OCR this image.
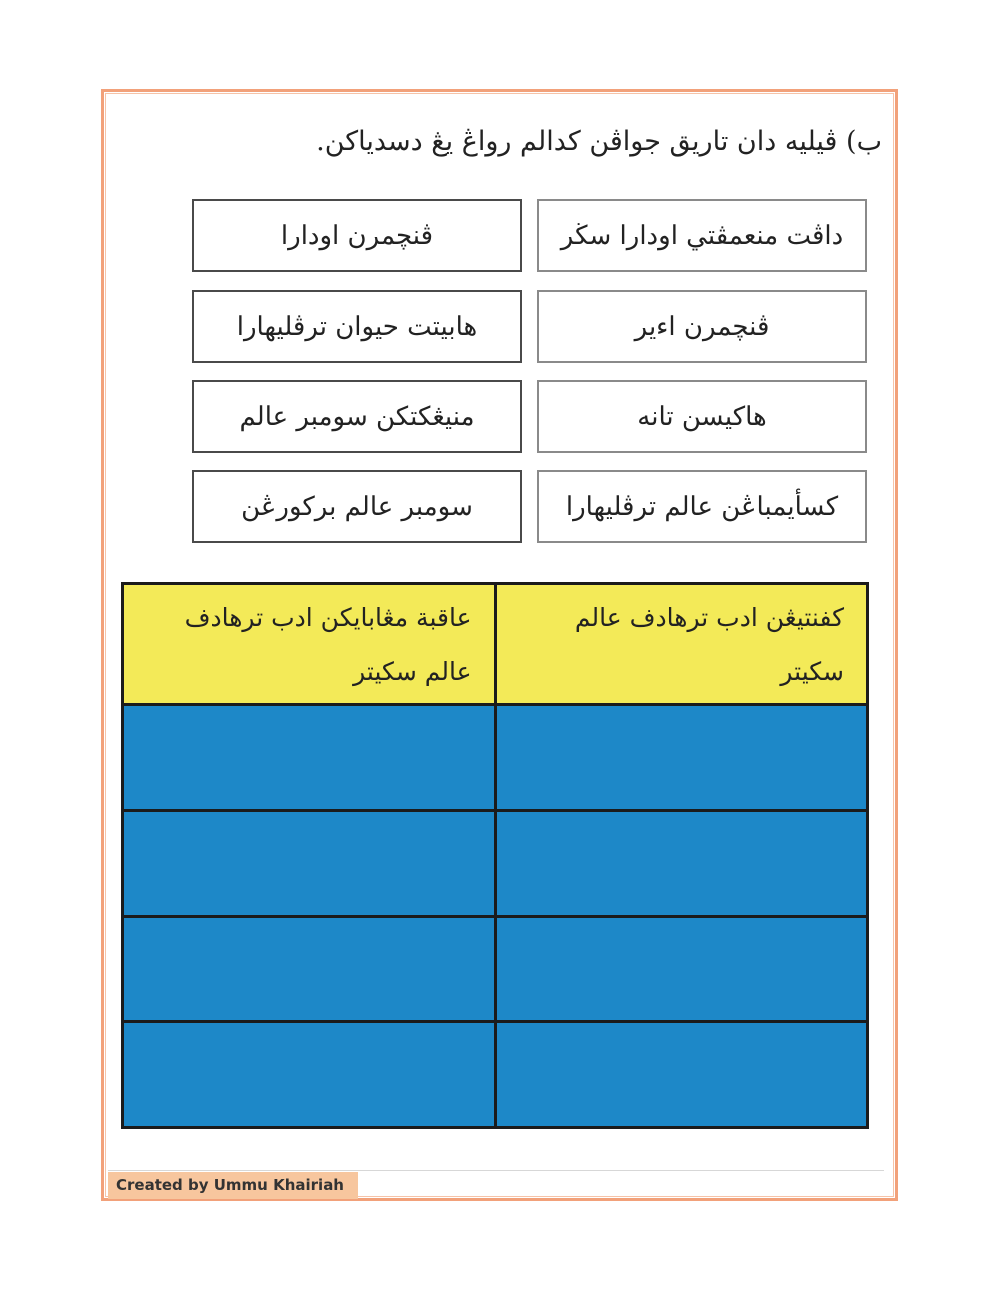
ب) ڤيليه دان تاريق جواڤن كدالم رواڠ يڠ دسدياكن.
داڤت منعمڤتي اودارا سڬر
ڤنچمرن اودارا
ڤنچمرن اءير
هابيتت حيوان ترڤليهارا
هاكيسن تانه
منيڠكتكن سومبر عالم
كسأيمباڠن عالم ترڤليهارا
سومبر عالم بركورڠن
عاقبة مڠابايكن ادب ترهادف عالم سكيتر
كفنتيڠن ادب ترهادف عالم سكيتر
Created by Ummu Khairiah
